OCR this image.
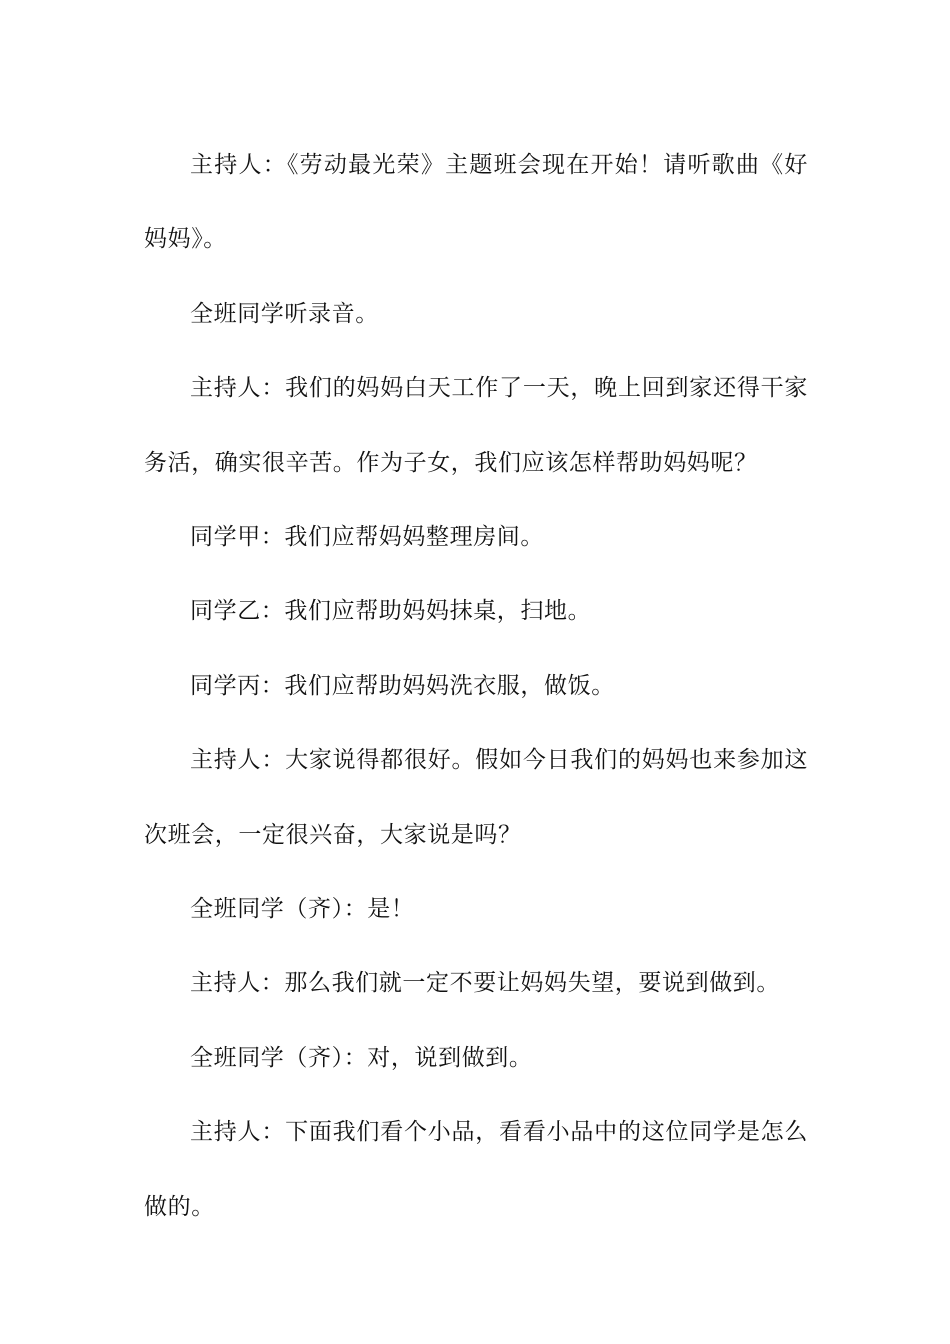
主持人：《劳动最光荣》主题班会现在开始！请听歌曲《好妈妈》。

全班同学听录音。

主持人：我们的妈妈白天工作了一天，晚上回到家还得干家务活，确实很辛苦。作为子女，我们应该怎样帮助妈妈呢？

同学甲：我们应帮妈妈整理房间。

同学乙：我们应帮助妈妈抹桌，扫地。

同学丙：我们应帮助妈妈洗衣服，做饭。

主持人：大家说得都很好。假如今日我们的妈妈也来参加这次班会，一定很兴奋，大家说是吗？

全班同学（齐）：是！

主持人：那么我们就一定不要让妈妈失望，要说到做到。

全班同学（齐）：对，说到做到。

主持人：下面我们看个小品，看看小品中的这位同学是怎么做的。
